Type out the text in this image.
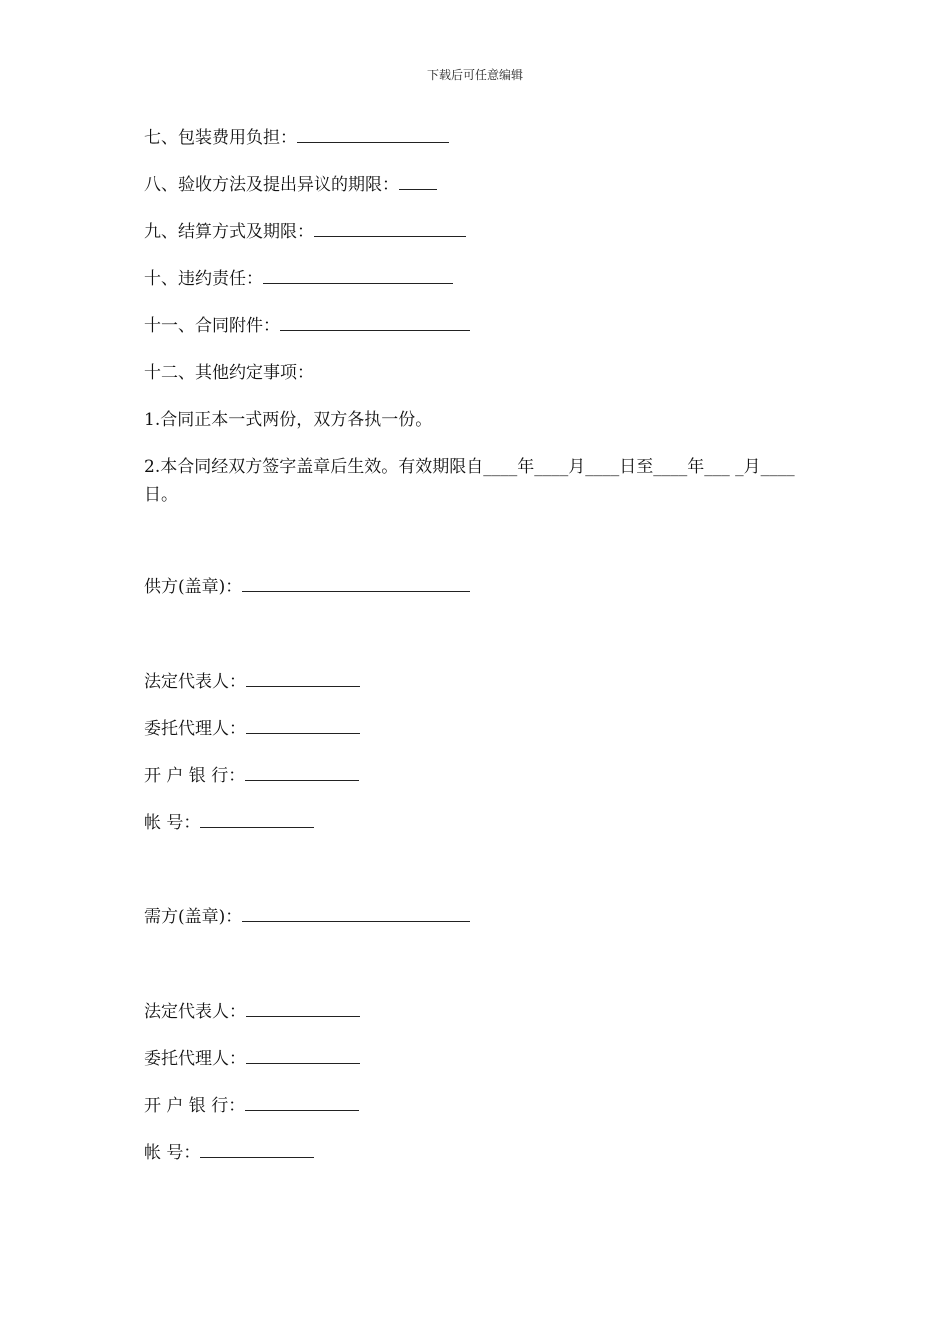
下载后可任意编辑
七、包装费用负担：
八、验收方法及提出异议的期限：
九、结算方式及期限：
十、违约责任：
十一、合同附件：
十二、其他约定事项：
1.合同正本一式两份，双方各执一份。
2.本合同经双方签字盖章后生效。有效期限自____年____月____日至____年___ _月____日。
供方(盖章)：
法定代表人：
委托代理人：
开 户 银 行：
帐 号：
需方(盖章)：
法定代表人：
委托代理人：
开 户 银 行：
帐 号：
